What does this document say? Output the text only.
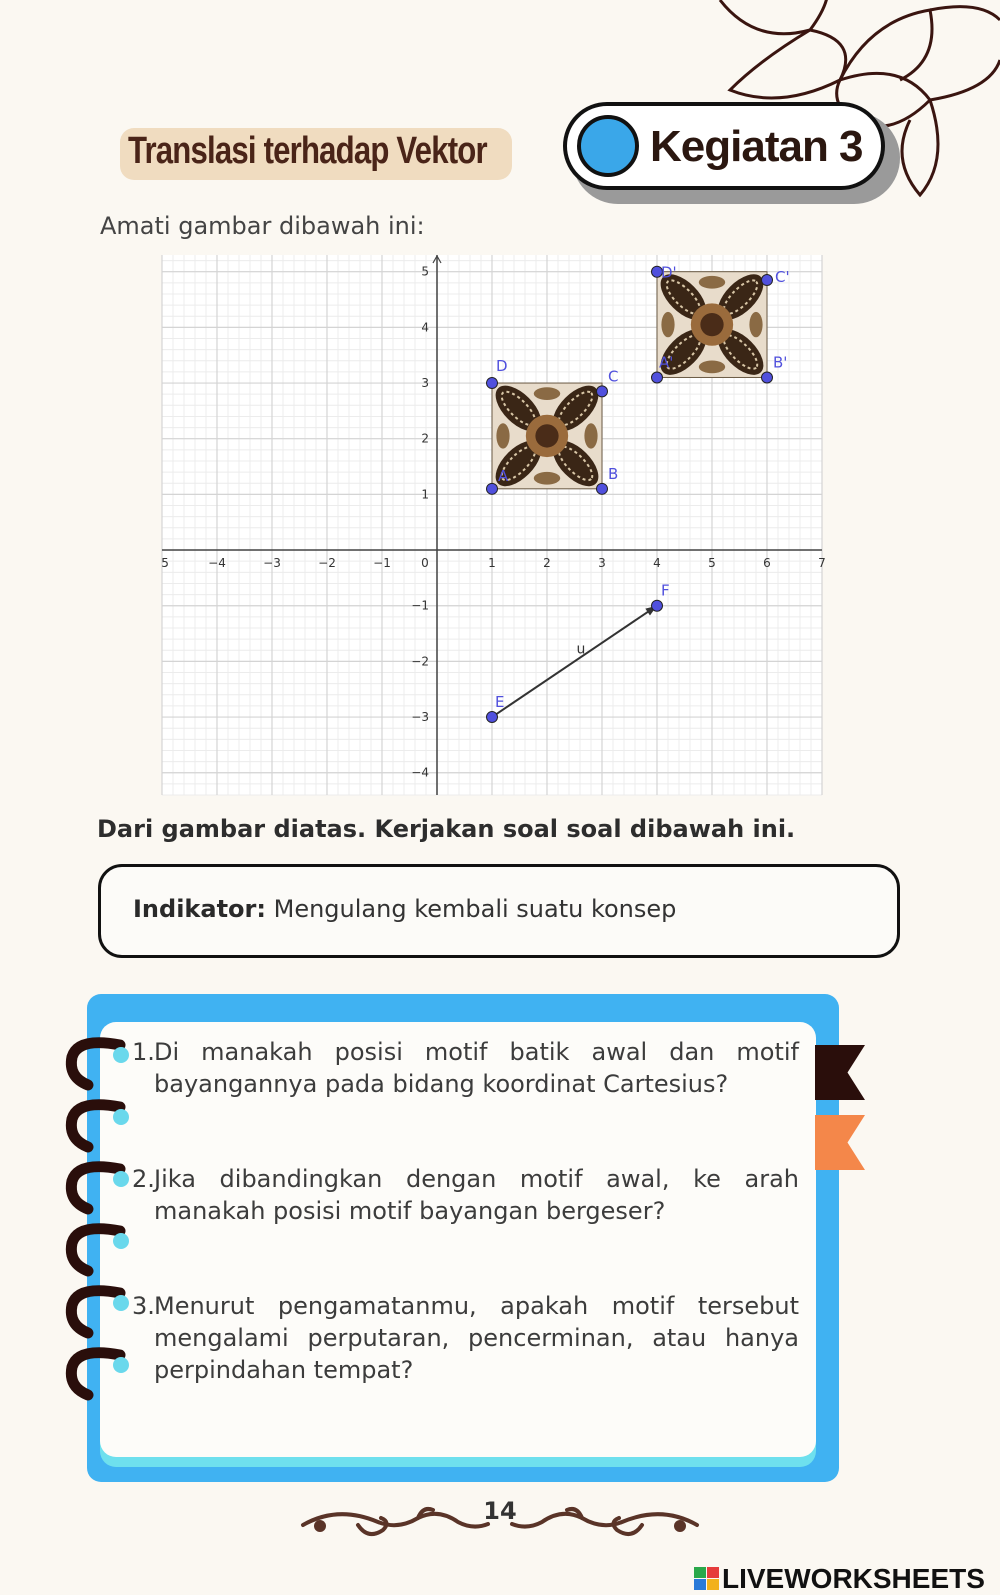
Translasi terhadap Vektor	Kegiatan 3
Amati gambar dibawah ini:
5	−4	−3	−2	−1	0	1	2	3	4	5	6	7
−4
−3
−2
−1
1
2
3
4
5
u
A	B
C
D	A'	B'
C'
D'
E
F
Dari gambar diatas. Kerjakan soal soal dibawah ini.
Indikator: Mengulang kembali suatu konsep
1. Di manakah posisi motif batik awal dan motif bayangannya pada bidang koordinat Cartesius?
2. Jika dibandingkan dengan motif awal, ke arah manakah posisi motif bayangan bergeser?
3. Menurut pengamatanmu, apakah motif tersebut mengalami perputaran, pencerminan, atau hanya perpindahan tempat?
14
LIVEWORKSHEETS
